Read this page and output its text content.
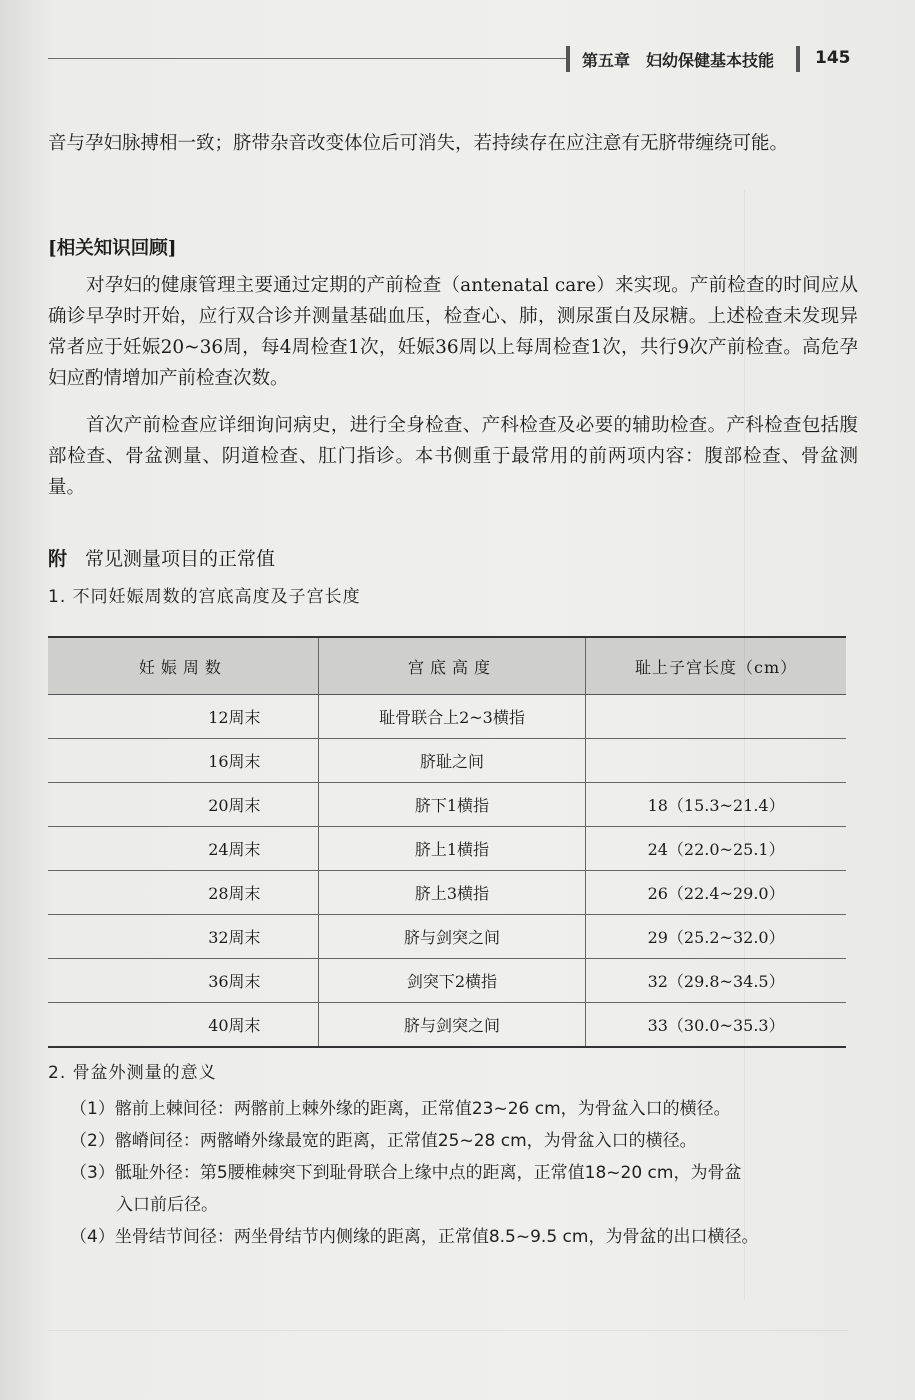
第五章　妇幼保健基本技能 145
音与孕妇脉搏相一致；脐带杂音改变体位后可消失，若持续存在应注意有无脐带缠绕可能。
[相关知识回顾]
对孕妇的健康管理主要通过定期的产前检查（antenatal care）来实现。产前检查的时间应从确诊早孕时开始，应行双合诊并测量基础血压，检查心、肺，测尿蛋白及尿糖。上述检查未发现异常者应于妊娠20~36周，每4周检查1次，妊娠36周以上每周检查1次，共行9次产前检查。高危孕妇应酌情增加产前检查次数。
首次产前检查应详细询问病史，进行全身检查、产科检查及必要的辅助检查。产科检查包括腹部检查、骨盆测量、阴道检查、肛门指诊。本书侧重于最常用的前两项内容：腹部检查、骨盆测量。
附 常见测量项目的正常值
1. 不同妊娠周数的宫底高度及子宫长度
妊娠周数	宫底高度	耻上子宫长度（cm）
12周末	耻骨联合上2~3横指	
16周末	脐耻之间	
20周末	脐下1横指	18（15.3~21.4）
24周末	脐上1横指	24（22.0~25.1）
28周末	脐上3横指	26（22.4~29.0）
32周末	脐与剑突之间	29（25.2~32.0）
36周末	剑突下2横指	32（29.8~34.5）
40周末	脐与剑突之间	33（30.0~35.3）
2. 骨盆外测量的意义
（1）髂前上棘间径：两髂前上棘外缘的距离，正常值23~26 cm，为骨盆入口的横径。
（2）髂嵴间径：两髂嵴外缘最宽的距离，正常值25~28 cm，为骨盆入口的横径。
（3）骶耻外径：第5腰椎棘突下到耻骨联合上缘中点的距离，正常值18~20 cm，为骨盆
入口前后径。
（4）坐骨结节间径：两坐骨结节内侧缘的距离，正常值8.5~9.5 cm，为骨盆的出口横径。
